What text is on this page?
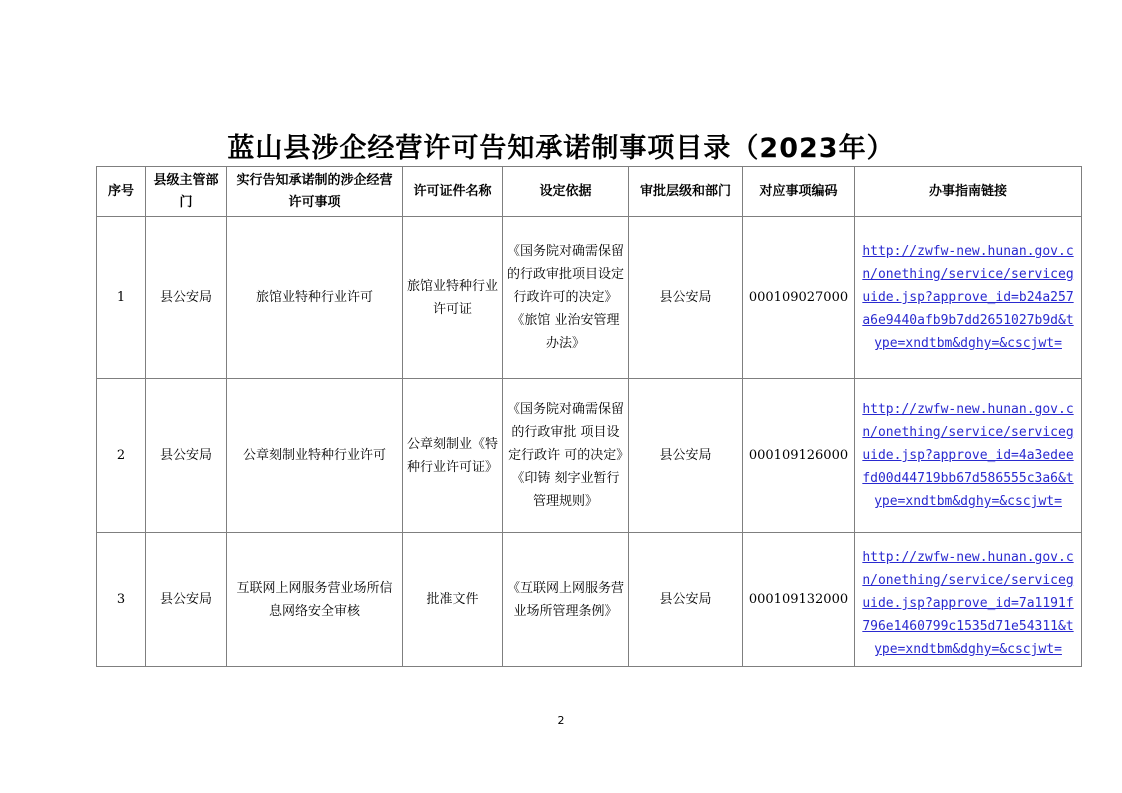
蓝山县涉企经营许可告知承诺制事项目录（2023年）
序号	县级主管部门	实行告知承诺制的涉企经营许可事项	许可证件名称	设定依据	审批层级和部门	对应事项编码	办事指南链接
1	县公安局	旅馆业特种行业许可	旅馆业特种行业许可证	《国务院对确需保留的行政审批项目设定行政许可的决定》《旅馆 业治安管理办法》	县公安局	000109027000	http://zwfw-new.hunan.gov.cn/onething/service/serviceguide.jsp?approve_id=b24a257a6e9440afb9b7dd2651027b9d&type=xndtbm&dghy=&cscjwt=
2	县公安局	公章刻制业特种行业许可	公章刻制业《特种行业许可证》	《国务院对确需保留的行政审批 项目设定行政许 可的决定》《印铸 刻字业暂行管理规则》	县公安局	000109126000	http://zwfw-new.hunan.gov.cn/onething/service/serviceguide.jsp?approve_id=4a3edeefd00d44719bb67d586555c3a6&type=xndtbm&dghy=&cscjwt=
3	县公安局	互联网上网服务营业场所信息网络安全审核	批准文件	《互联网上网服务营业场所管理条例》	县公安局	000109132000	http://zwfw-new.hunan.gov.cn/onething/service/serviceguide.jsp?approve_id=7a1191f796e1460799c1535d71e54311&type=xndtbm&dghy=&cscjwt=
2
